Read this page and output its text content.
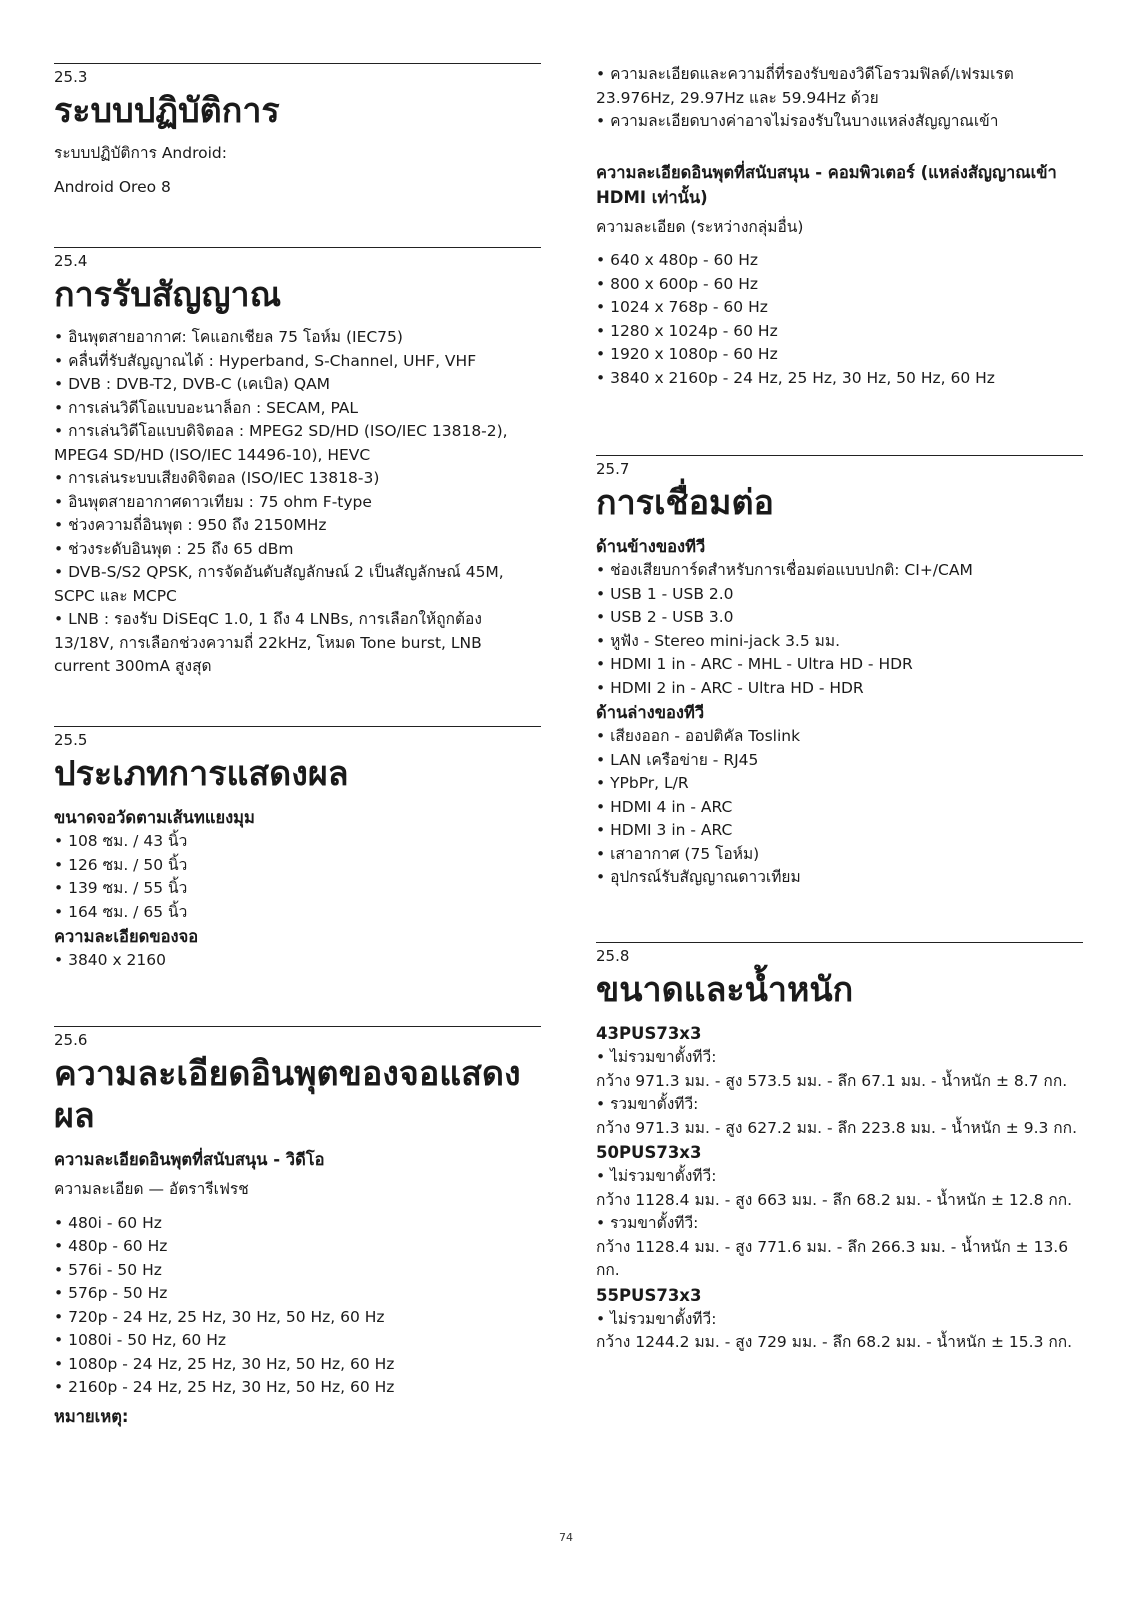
25.3
ระบบปฏิบัติการ

ระบบปฏิบัติการ Android:

Android Oreo 8

25.4
การรับสัญญาณ
• อินพุตสายอากาศ: โคแอกเชียล 75 โอห์ม (IEC75)
• คลื่นที่รับสัญญาณได้ : Hyperband, S-Channel, UHF, VHF
• DVB : DVB-T2, DVB-C (เคเบิล) QAM
• การเล่นวิดีโอแบบอะนาล็อก : SECAM, PAL
• การเล่นวิดีโอแบบดิจิตอล : MPEG2 SD/HD (ISO/IEC 13818-2), MPEG4 SD/HD (ISO/IEC 14496-10), HEVC
• การเล่นระบบเสียงดิจิตอล (ISO/IEC 13818-3)
• อินพุตสายอากาศดาวเทียม : 75 ohm F-type
• ช่วงความถี่อินพุต : 950 ถึง 2150MHz
• ช่วงระดับอินพุต : 25 ถึง 65 dBm
• DVB-S/S2 QPSK, การจัดอันดับสัญลักษณ์ 2 เป็นสัญลักษณ์ 45M, SCPC และ MCPC
• LNB : รองรับ DiSEqC 1.0, 1 ถึง 4 LNBs, การเลือกให้ถูกต้อง 13/18V, การเลือกช่วงความถี่ 22kHz, โหมด Tone burst, LNB current 300mA สูงสุด
25.5
ประเภทการแสดงผล
ขนาดจอวัดตามเส้นทแยงมุม
• 108 ซม. / 43 นิ้ว
• 126 ซม. / 50 นิ้ว
• 139 ซม. / 55 นิ้ว
• 164 ซม. / 65 นิ้ว
ความละเอียดของจอ
• 3840 x 2160
25.6
ความละเอียดอินพุตของจอแสดงผล
ความละเอียดอินพุตที่สนับสนุน - วิดีโอ

ความละเอียด — อัตรารีเฟรช

• 480i - 60 Hz
• 480p - 60 Hz
• 576i - 50 Hz
• 576p - 50 Hz
• 720p - 24 Hz, 25 Hz, 30 Hz, 50 Hz, 60 Hz
• 1080i - 50 Hz, 60 Hz
• 1080p - 24 Hz, 25 Hz, 30 Hz, 50 Hz, 60 Hz
• 2160p - 24 Hz, 25 Hz, 30 Hz, 50 Hz, 60 Hz
หมายเหตุ:
• ความละเอียดและความถี่ที่รองรับของวิดีโอรวมฟิลด์/เฟรมเรต 23.976Hz, 29.97Hz และ 59.94Hz ด้วย
• ความละเอียดบางค่าอาจไม่รองรับในบางแหล่งสัญญาณเข้า
ความละเอียดอินพุตที่สนับสนุน - คอมพิวเตอร์ (แหล่งสัญญาณเข้า HDMI เท่านั้น)

ความละเอียด (ระหว่างกลุ่มอื่น)

• 640 x 480p - 60 Hz
• 800 x 600p - 60 Hz
• 1024 x 768p - 60 Hz
• 1280 x 1024p - 60 Hz
• 1920 x 1080p - 60 Hz
• 3840 x 2160p - 24 Hz, 25 Hz, 30 Hz, 50 Hz, 60 Hz
25.7
การเชื่อมต่อ
ด้านข้างของทีวี
• ช่องเสียบการ์ดสำหรับการเชื่อมต่อแบบปกติ: CI+/CAM
• USB 1 - USB 2.0
• USB 2 - USB 3.0
• หูฟัง - Stereo mini-jack 3.5 มม.
• HDMI 1 in - ARC - MHL - Ultra HD - HDR
• HDMI 2 in - ARC - Ultra HD - HDR
ด้านล่างของทีวี
• เสียงออก - ออปติคัล Toslink
• LAN เครือข่าย - RJ45
• YPbPr, L/R
• HDMI 4 in - ARC
• HDMI 3 in - ARC
• เสาอากาศ (75 โอห์ม)
• อุปกรณ์รับสัญญาณดาวเทียม
25.8
ขนาดและน้ำหนัก
43PUS73x3
• ไม่รวมขาตั้งทีวี:

กว้าง 971.3 มม. - สูง 573.5 มม. - ลึก 67.1 มม. - น้ำหนัก ± 8.7 กก.

• รวมขาตั้งทีวี:

กว้าง 971.3 มม. - สูง 627.2 มม. - ลึก 223.8 มม. - น้ำหนัก ± 9.3 กก.

50PUS73x3
• ไม่รวมขาตั้งทีวี:

กว้าง 1128.4 มม. - สูง 663 มม. - ลึก 68.2 มม. - น้ำหนัก ± 12.8 กก.

• รวมขาตั้งทีวี:

กว้าง 1128.4 มม. - สูง 771.6 มม. - ลึก 266.3 มม. - น้ำหนัก ± 13.6 กก.

55PUS73x3
• ไม่รวมขาตั้งทีวี:

กว้าง 1244.2 มม. - สูง 729 มม. - ลึก 68.2 มม. - น้ำหนัก ± 15.3 กก.

74
